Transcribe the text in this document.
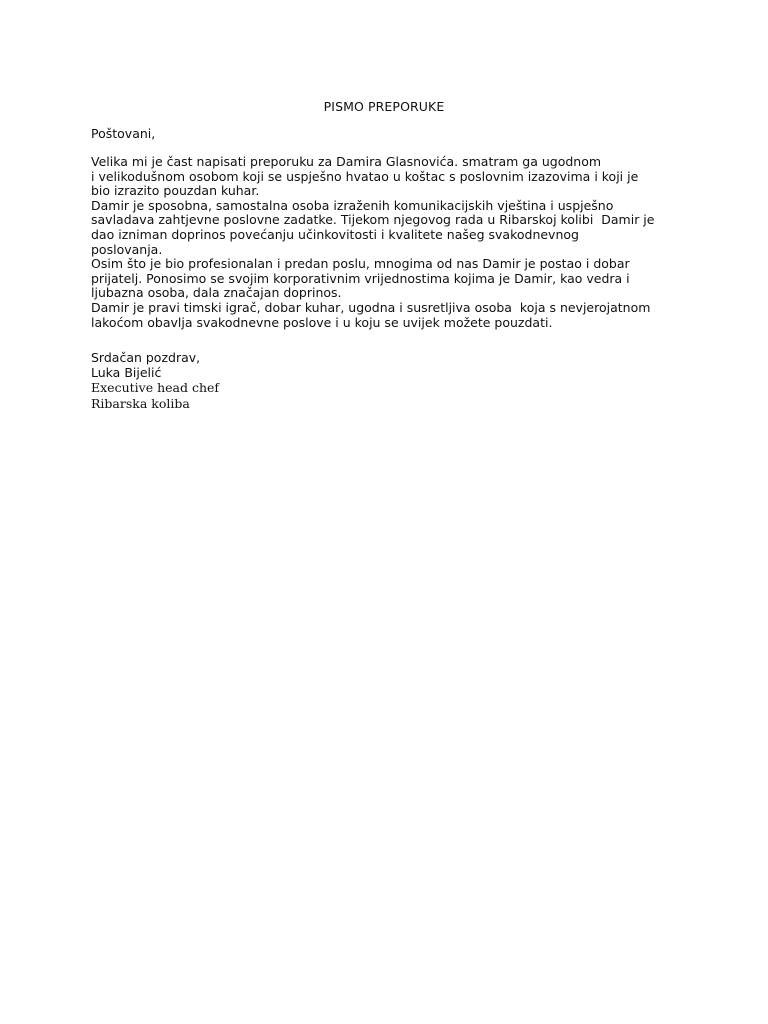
PISMO PREPORUKE
Poštovani,
Velika mi je čast napisati preporuku za Damira Glasnovića. smatram ga ugodnom
i velikodušnom osobom koji se uspješno hvatao u koštac s poslovnim izazovima i koji je
bio izrazito pouzdan kuhar.
Damir je sposobna, samostalna osoba izraženih komunikacijskih vještina i uspješno
savladava zahtjevne poslovne zadatke. Tijekom njegovog rada u Ribarskoj kolibi  Damir je
dao izniman doprinos povećanju učinkovitosti i kvalitete našeg svakodnevnog
poslovanja.
Osim što je bio profesionalan i predan poslu, mnogima od nas Damir je postao i dobar
prijatelj. Ponosimo se svojim korporativnim vrijednostima kojima je Damir, kao vedra i
ljubazna osoba, dala značajan doprinos.
Damir je pravi timski igrač, dobar kuhar, ugodna i susretljiva osoba  koja s nevjerojatnom
lakoćom obavlja svakodnevne poslove i u koju se uvijek možete pouzdati.
Srdačan pozdrav,
Luka Bijelić
Executive head chef
Ribarska koliba
